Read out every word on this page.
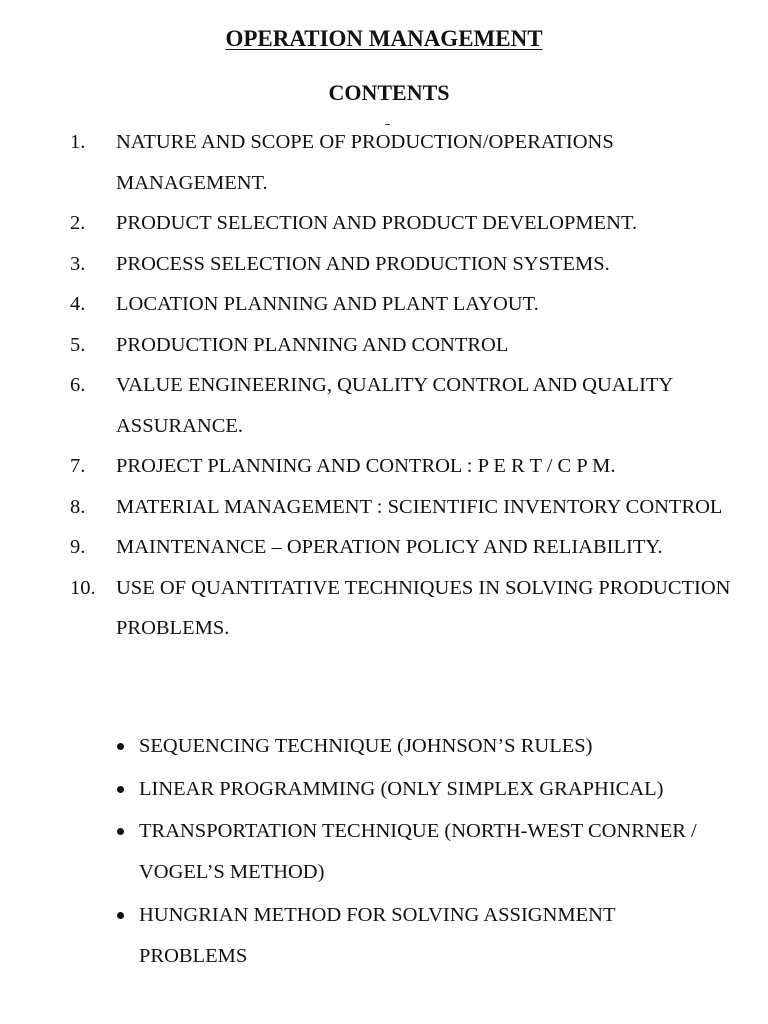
OPERATION MANAGEMENT
CONTENTS
1. NATURE AND SCOPE OF PRODUCTION/OPERATIONS MANAGEMENT.
2. PRODUCT SELECTION AND PRODUCT DEVELOPMENT.
3. PROCESS SELECTION AND PRODUCTION SYSTEMS.
4. LOCATION PLANNING AND PLANT LAYOUT.
5. PRODUCTION PLANNING AND CONTROL
6. VALUE ENGINEERING, QUALITY CONTROL AND QUALITY ASSURANCE.
7. PROJECT PLANNING AND CONTROL : P E R T / C P M.
8. MATERIAL MANAGEMENT : SCIENTIFIC INVENTORY CONTROL
9. MAINTENANCE – OPERATION POLICY AND RELIABILITY.
10. USE OF QUANTITATIVE TECHNIQUES IN SOLVING PRODUCTION PROBLEMS.
SEQUENCING TECHNIQUE (JOHNSON’S RULES)
LINEAR PROGRAMMING (ONLY SIMPLEX GRAPHICAL)
TRANSPORTATION TECHNIQUE (NORTH-WEST CONRNER / VOGEL’S METHOD)
HUNGRIAN METHOD FOR SOLVING ASSIGNMENT PROBLEMS
